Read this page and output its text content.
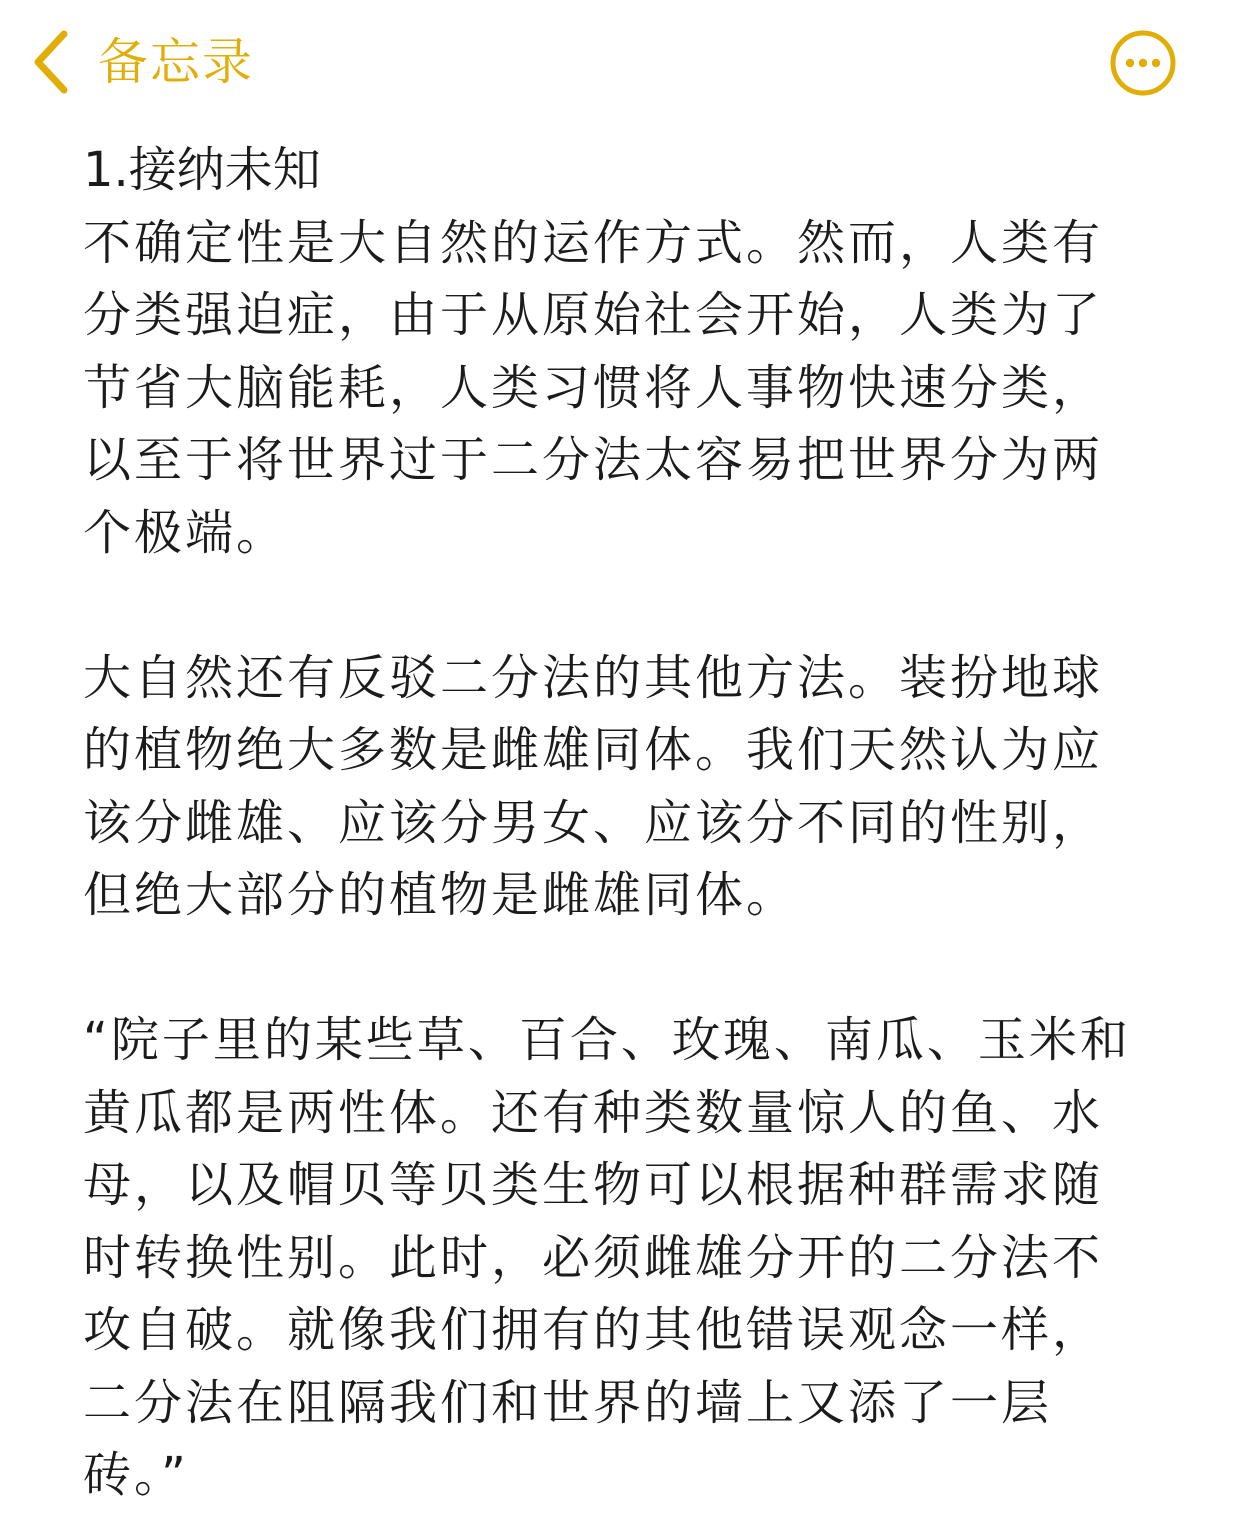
备忘录

1.接纳未知

不确定性是大自然的运作方式。然而，人类有
分类强迫症，由于从原始社会开始，人类为了
节省大脑能耗，人类习惯将人事物快速分类，
以至于将世界过于二分法太容易把世界分为两
个极端。

大自然还有反驳二分法的其他方法。装扮地球
的植物绝大多数是雌雄同体。我们天然认为应
该分雌雄、应该分男女、应该分不同的性别，
但绝大部分的植物是雌雄同体。

“院子里的某些草、百合、玫瑰、南瓜、玉米和
黄瓜都是两性体。还有种类数量惊人的鱼、水
母，以及帽贝等贝类生物可以根据种群需求随
时转换性别。此时，必须雌雄分开的二分法不
攻自破。就像我们拥有的其他错误观念一样，
二分法在阻隔我们和世界的墙上又添了一层
砖。”
